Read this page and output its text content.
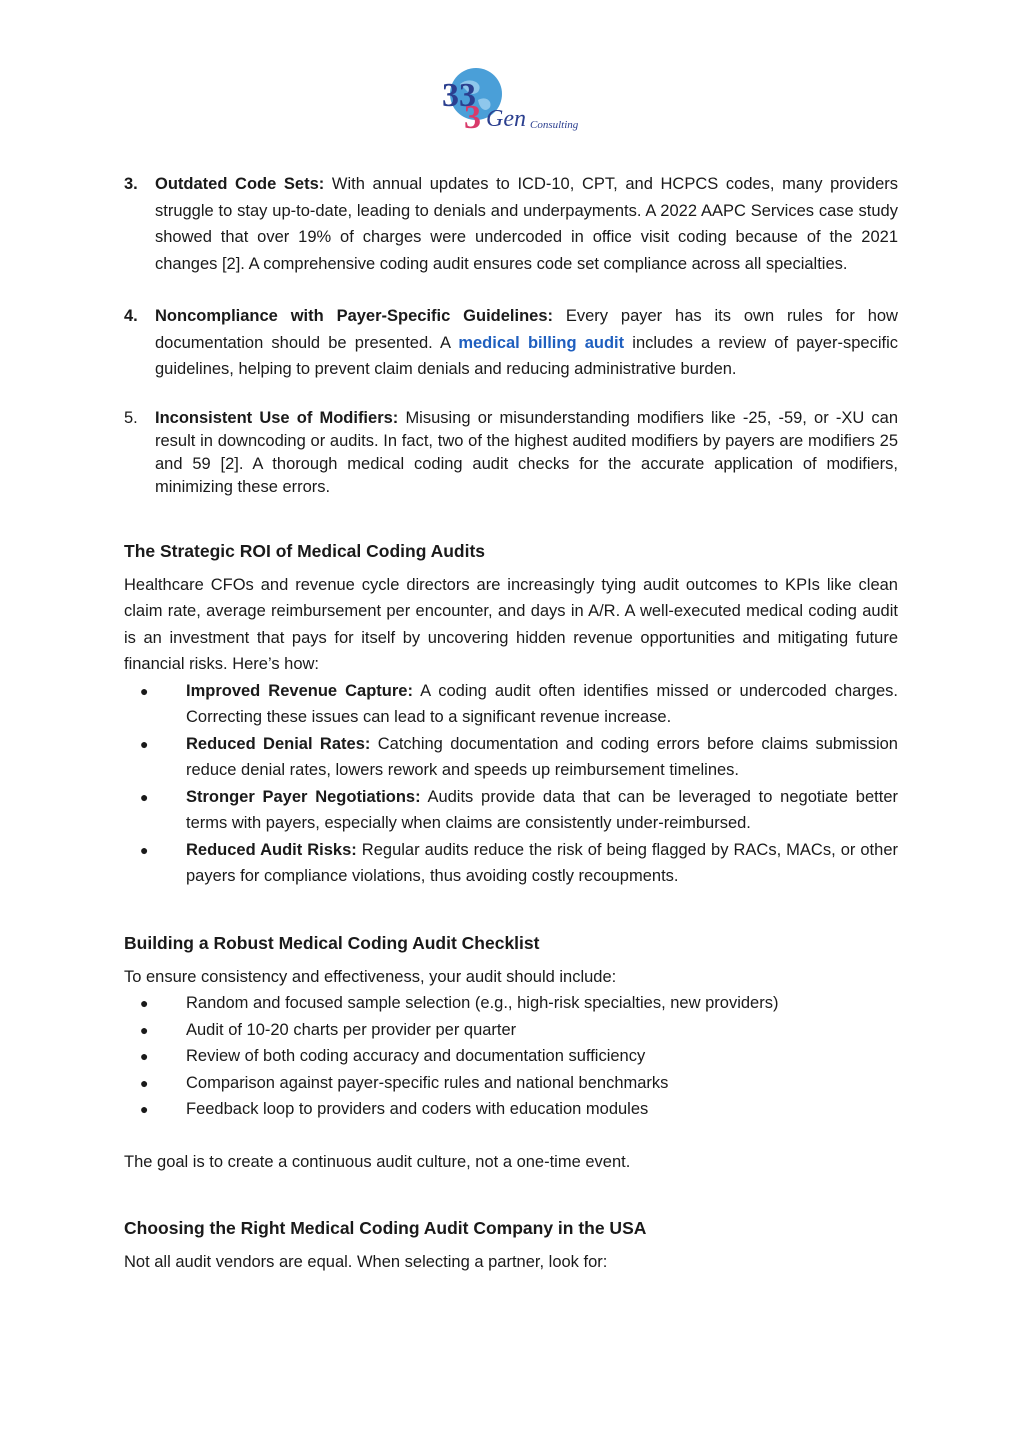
33
3 Gen Consulting
3.	Outdated Code Sets: With annual updates to ICD-10, CPT, and HCPCS codes, many providers struggle to stay up-to-date, leading to denials and underpayments. A 2022 AAPC Services case study showed that over 19% of charges were undercoded in office visit coding because of the 2021 changes [2]. A comprehensive coding audit ensures code set compliance across all specialties.
4.	Noncompliance with Payer-Specific Guidelines: Every payer has its own rules for how documentation should be presented. A medical billing audit includes a review of payer-specific guidelines, helping to prevent claim denials and reducing administrative burden.
5.	Inconsistent Use of Modifiers: Misusing or misunderstanding modifiers like -25, -59, or -XU can result in downcoding or audits. In fact, two of the highest audited modifiers by payers are modifiers 25 and 59 [2]. A thorough medical coding audit checks for the accurate application of modifiers, minimizing these errors.
The Strategic ROI of Medical Coding Audits

Healthcare CFOs and revenue cycle directors are increasingly tying audit outcomes to KPIs like clean claim rate, average reimbursement per encounter, and days in A/R. A well-executed medical coding audit is an investment that pays for itself by uncovering hidden revenue opportunities and mitigating future financial risks. Here’s how:

●	Improved Revenue Capture: A coding audit often identifies missed or undercoded charges. Correcting these issues can lead to a significant revenue increase.
●	Reduced Denial Rates: Catching documentation and coding errors before claims submission reduce denial rates, lowers rework and speeds up reimbursement timelines.
●	Stronger Payer Negotiations: Audits provide data that can be leveraged to negotiate better terms with payers, especially when claims are consistently under-reimbursed.
●	Reduced Audit Risks: Regular audits reduce the risk of being flagged by RACs, MACs, or other payers for compliance violations, thus avoiding costly recoupments.
Building a Robust Medical Coding Audit Checklist

To ensure consistency and effectiveness, your audit should include:

●	Random and focused sample selection (e.g., high-risk specialties, new providers)
●	Audit of 10-20 charts per provider per quarter
●	Review of both coding accuracy and documentation sufficiency
●	Comparison against payer-specific rules and national benchmarks
●	Feedback loop to providers and coders with education modules

The goal is to create a continuous audit culture, not a one-time event.

Choosing the Right Medical Coding Audit Company in the USA

Not all audit vendors are equal. When selecting a partner, look for:
